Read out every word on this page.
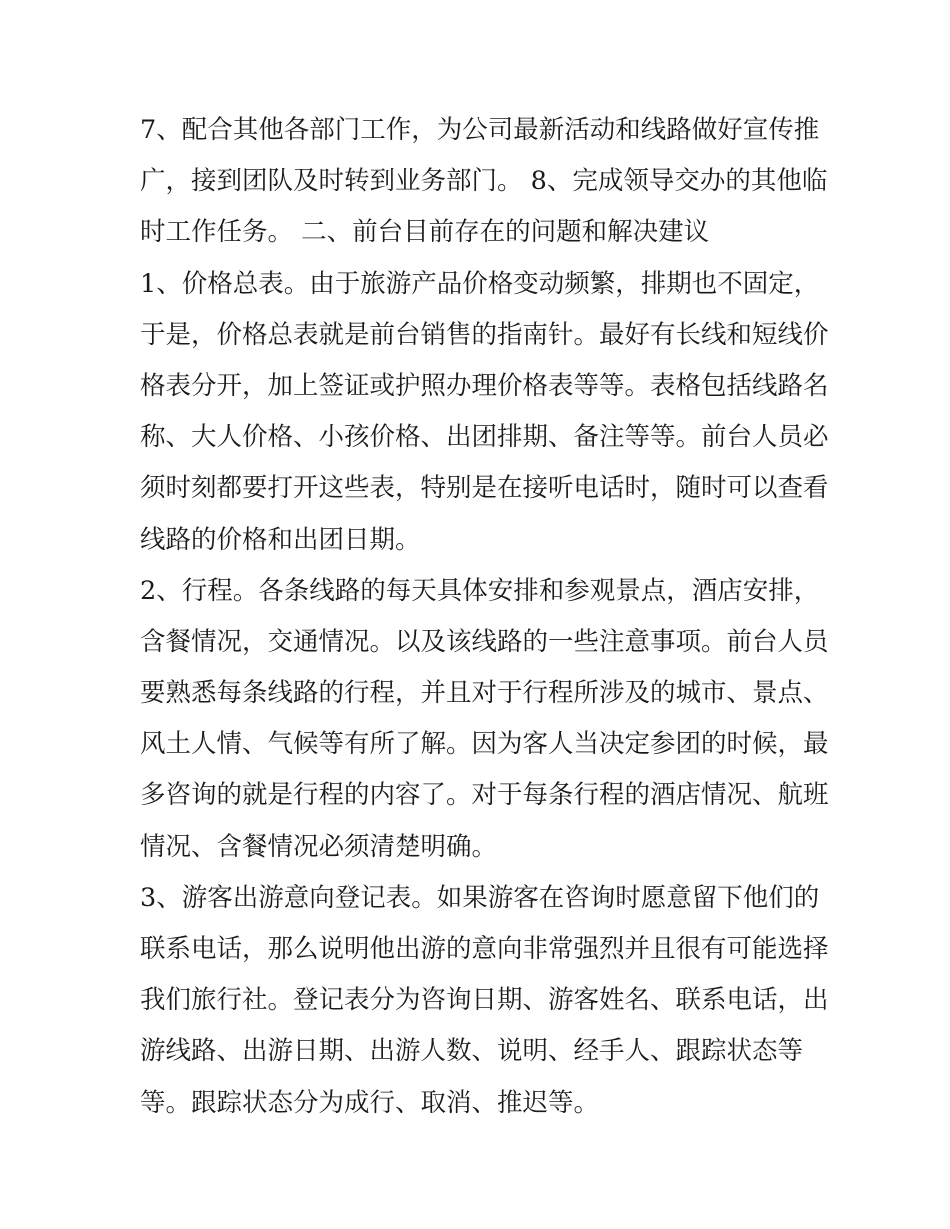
7、配合其他各部门工作，为公司最新活动和线路做好宣传推
广，接到团队及时转到业务部门。 8、完成领导交办的其他临
时工作任务。 二、前台目前存在的问题和解决建议
1、价格总表。由于旅游产品价格变动频繁，排期也不固定，
于是，价格总表就是前台销售的指南针。最好有长线和短线价
格表分开，加上签证或护照办理价格表等等。表格包括线路名
称、大人价格、小孩价格、出团排期、备注等等。前台人员必
须时刻都要打开这些表，特别是在接听电话时，随时可以查看
线路的价格和出团日期。
2、行程。各条线路的每天具体安排和参观景点，酒店安排，
含餐情况，交通情况。以及该线路的一些注意事项。前台人员
要熟悉每条线路的行程，并且对于行程所涉及的城市、景点、
风土人情、气候等有所了解。因为客人当决定参团的时候，最
多咨询的就是行程的内容了。对于每条行程的酒店情况、航班
情况、含餐情况必须清楚明确。
3、游客出游意向登记表。如果游客在咨询时愿意留下他们的
联系电话，那么说明他出游的意向非常强烈并且很有可能选择
我们旅行社。登记表分为咨询日期、游客姓名、联系电话，出
游线路、出游日期、出游人数、说明、经手人、跟踪状态等
等。跟踪状态分为成行、取消、推迟等。
